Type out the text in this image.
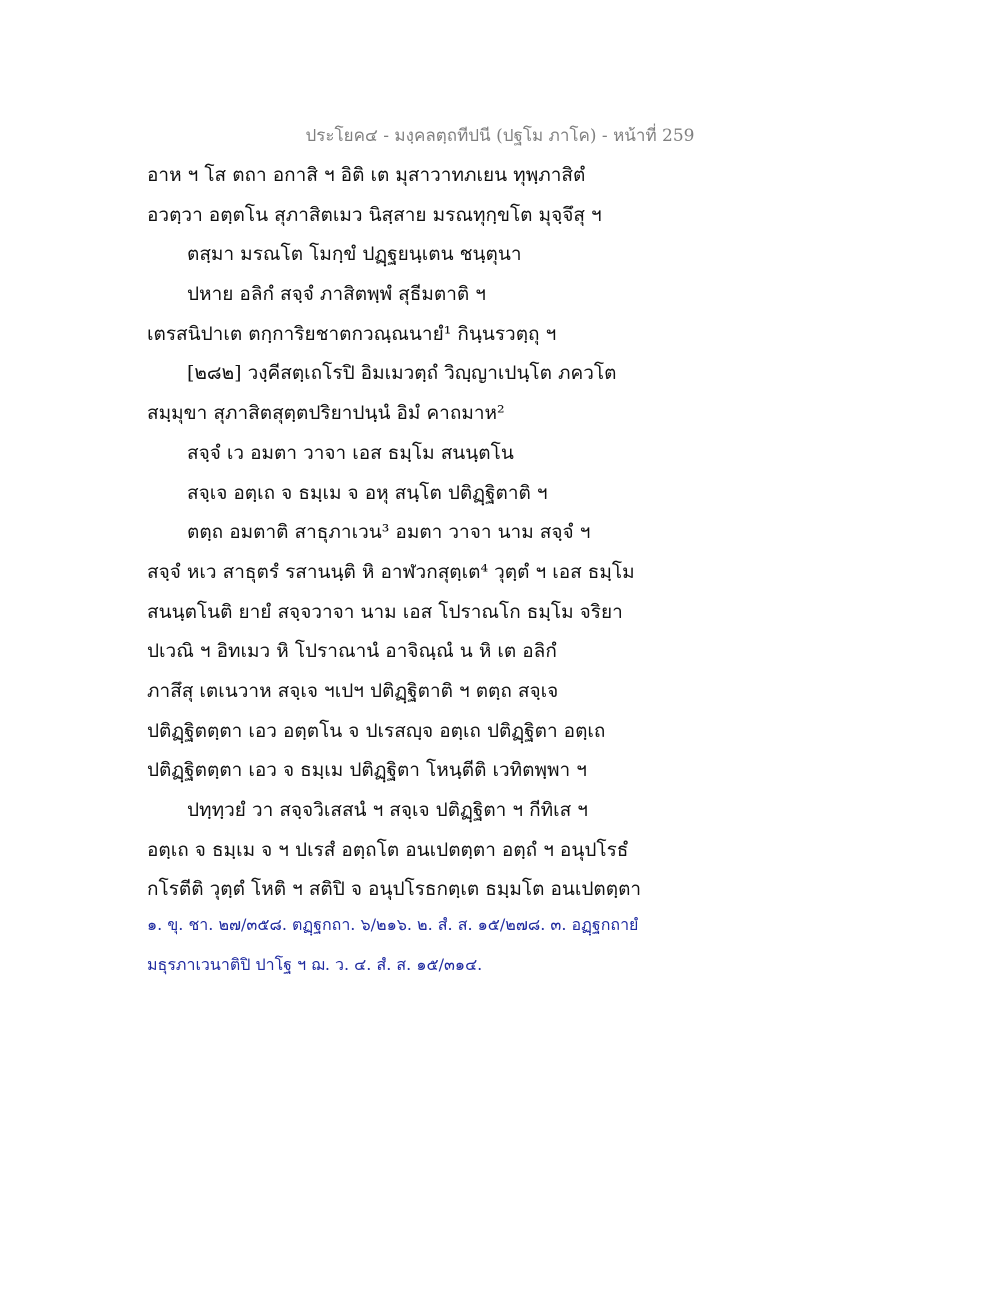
ประโยค๔ - มงฺคลตฺถทีปนี (ปฐโม ภาโค) - หน้าที่ 259
อาห ฯ โส ตถา อกาสิ ฯ อิติ เต มุสาวาทภเยน ทุพฺภาสิตํ
อวตฺวา อตฺตโน สุภาสิตเมว นิสฺสาย มรณทุกฺขโต มุจฺจึสุ ฯ
ตสฺมา มรณโต โมกฺขํ ปฏฺฐยนฺเตน ชนฺตุนา
ปหาย อลิกํ สจฺจํ ภาสิตพฺพํ สุธีมตาติ ฯ
เตรสนิปาเต ตกฺการิยชาตกวณฺณนายํ¹ กินฺนรวตฺถุ ฯ
[๒๘๒] วงฺคีสตฺเถโรปิ อิมเมวตฺถํ วิญฺญาเปนฺโต ภควโต
สมฺมุขา สุภาสิตสุตฺตปริยาปนฺนํ อิมํ คาถมาห²
สจฺจํ เว อมตา วาจา เอส ธมฺโม สนนฺตโน
สจฺเจ อตฺเถ จ ธมฺเม จ อหุ สนฺโต ปติฏฺฐิตาติ ฯ
ตตฺถ อมตาติ สาธุภาเวน³ อมตา วาจา นาม สจฺจํ ฯ
สจฺจํ หเว สาธุตรํ รสานนฺติ หิ อาฬวกสุตฺเต⁴ วุตฺตํ ฯ เอส ธมฺโม
สนนฺตโนติ ยายํ สจฺจวาจา นาม เอส โปราณโก ธมฺโม จริยา
ปเวณิ ฯ อิทเมว หิ โปราณานํ อาจิณฺณํ น หิ เต อลิกํ
ภาสึสุ เตเนวาห สจฺเจ ฯเปฯ ปติฏฺฐิตาติ ฯ ตตฺถ สจฺเจ
ปติฏฺฐิตตฺตา เอว อตฺตโน จ ปเรสญฺจ อตฺเถ ปติฏฺฐิตา อตฺเถ
ปติฏฺฐิตตฺตา เอว จ ธมฺเม ปติฏฺฐิตา โหนฺตีติ เวทิตพฺพา ฯ
ปทฺทฺวยํ วา สจฺจวิเสสนํ ฯ สจฺเจ ปติฏฺฐิตา ฯ กีทิเส ฯ
อตฺเถ จ ธมฺเม จ ฯ ปเรสํ อตฺถโต อนเปตตฺตา อตฺถํ ฯ อนุปโรธํ
กโรตีติ วุตฺตํ โหติ ฯ สติปิ จ อนุปโรธกตฺเต ธมฺมโต อนเปตตฺตา
๑. ขุ. ชา. ๒๗/๓๕๘. ตฏฺฐกถา. ๖/๒๑๖. ๒. สํ. ส. ๑๕/๒๗๘. ๓. อฏฺฐกถายํ
มธุรภาเวนาติปิ ปาโฐ ฯ ฌ. ว. ๔. สํ. ส. ๑๕/๓๑๔.
